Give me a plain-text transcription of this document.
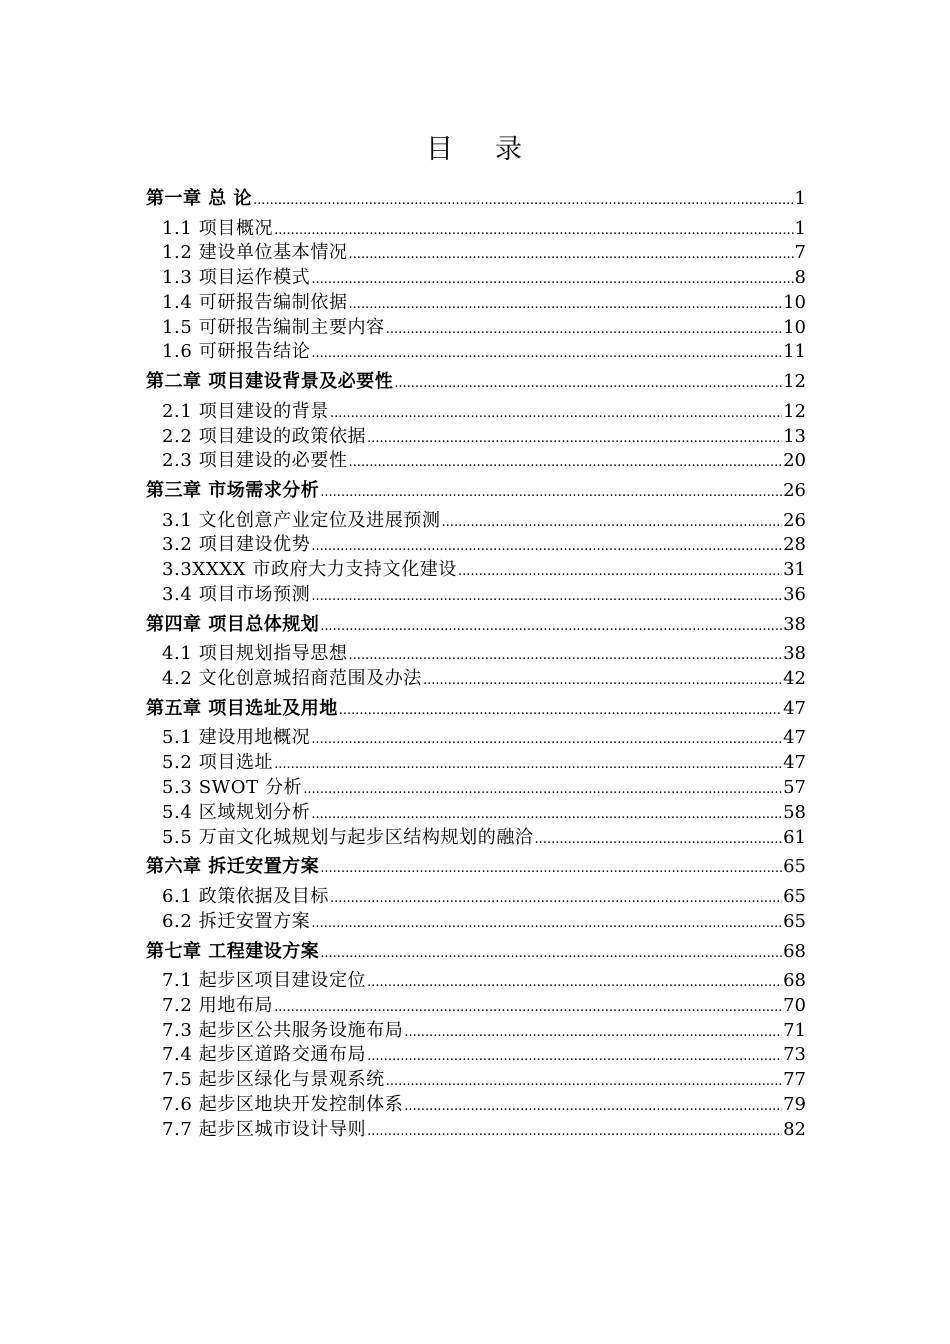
目 录
第一章 总 论 .....	1
1.1 项目概况 .....	1
1.2 建设单位基本情况 .....	7
1.3 项目运作模式 .....	8
1.4 可研报告编制依据 .....	10
1.5 可研报告编制主要内容 .....	10
1.6 可研报告结论 .....	11
第二章 项目建设背景及必要性 .....	12
2.1 项目建设的背景 .....	12
2.2 项目建设的政策依据 .....	13
2.3 项目建设的必要性 .....	20
第三章 市场需求分析 .....	26
3.1 文化创意产业定位及进展预测 .....	26
3.2 项目建设优势 .....	28
3.3XXXX 市政府大力支持文化建设 .....	31
3.4 项目市场预测 .....	36
第四章 项目总体规划 .....	38
4.1 项目规划指导思想 .....	38
4.2 文化创意城招商范围及办法 .....	42
第五章 项目选址及用地 .....	47
5.1 建设用地概况 .....	47
5.2 项目选址 .....	47
5.3 SWOT 分析 .....	57
5.4 区域规划分析 .....	58
5.5 万亩文化城规划与起步区结构规划的融洽 .....	61
第六章 拆迁安置方案 .....	65
6.1 政策依据及目标 .....	65
6.2 拆迁安置方案 .....	65
第七章 工程建设方案 .....	68
7.1 起步区项目建设定位 .....	68
7.2 用地布局 .....	70
7.3 起步区公共服务设施布局 .....	71
7.4 起步区道路交通布局 .....	73
7.5 起步区绿化与景观系统 .....	77
7.6 起步区地块开发控制体系 .....	79
7.7 起步区城市设计导则 .....	82
